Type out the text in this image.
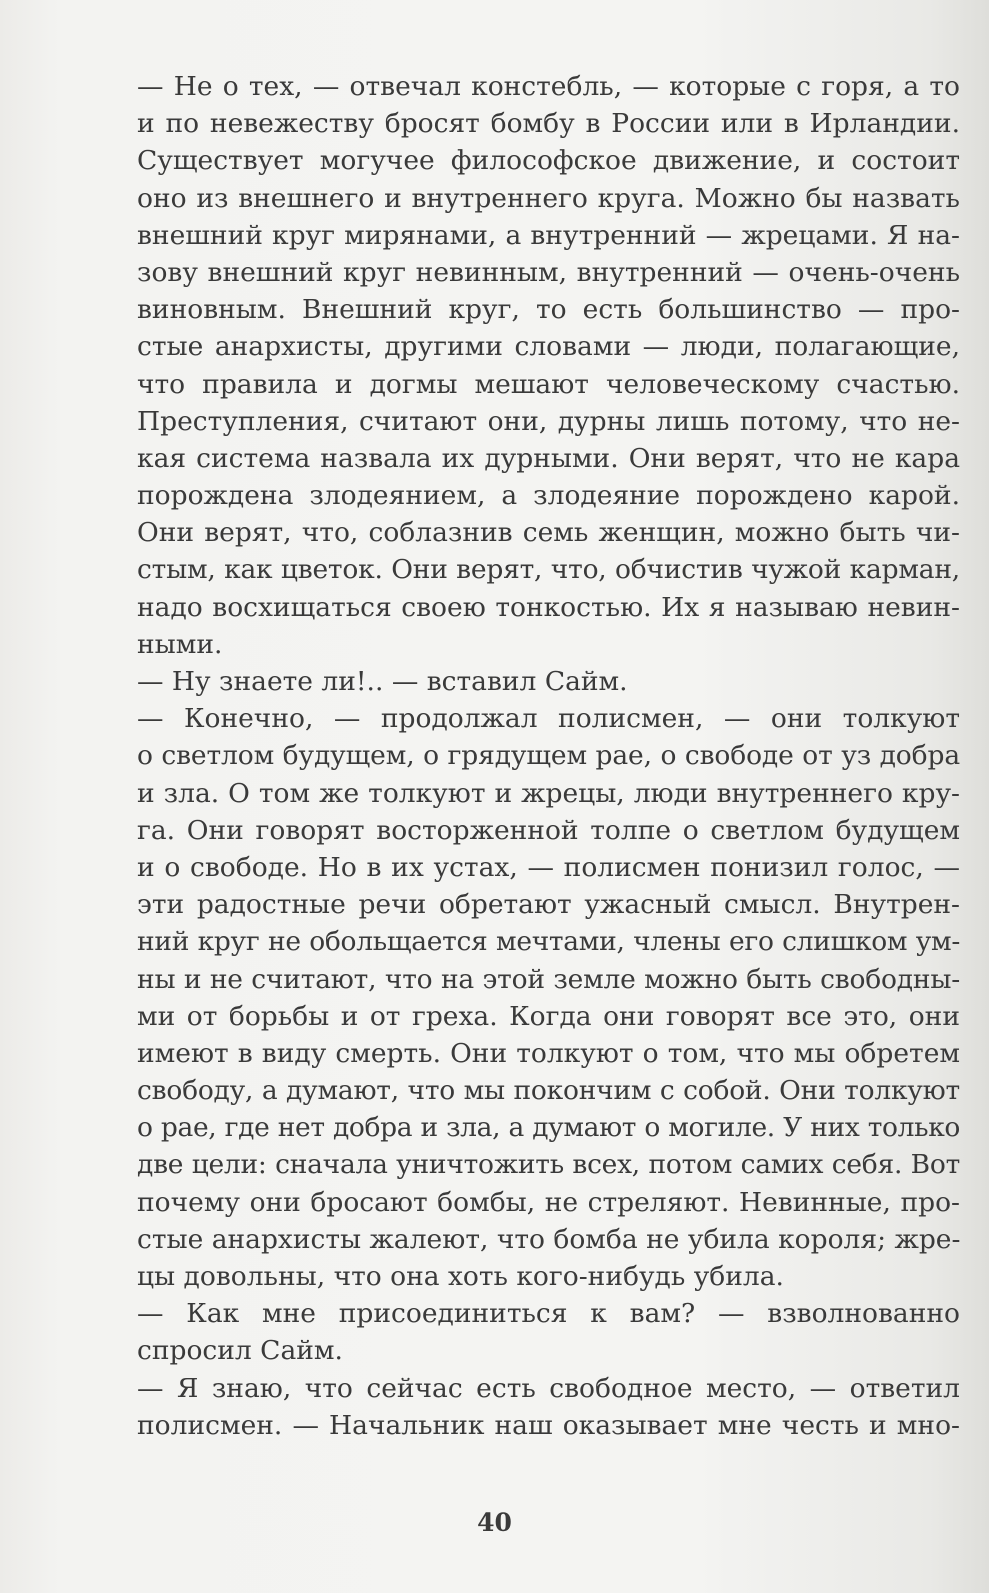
— Не о тех, — отвечал констебль, — которые с горя, а то
и по невежеству бросят бомбу в России или в Ирландии.
Существует могучее философское движение, и состоит
оно из внешнего и внутреннего круга. Можно бы назвать
внешний круг мирянами, а внутренний — жрецами. Я на-
зову внешний круг невинным, внутренний — очень-очень
виновным. Внешний круг, то есть большинство — про-
стые анархисты, другими словами — люди, полагающие,
что правила и догмы мешают человеческому счастью.
Преступления, считают они, дурны лишь потому, что не-
кая система назвала их дурными. Они верят, что не кара
порождена злодеянием, а злодеяние порождено карой.
Они верят, что, соблазнив семь женщин, можно быть чи-
стым, как цветок. Они верят, что, обчистив чужой карман,
надо восхищаться своею тонкостью. Их я называю невин-
ными.
— Ну знаете ли!.. — вставил Сайм.
— Конечно, — продолжал полисмен, — они толкуют
о светлом будущем, о грядущем рае, о свободе от уз добра
и зла. О том же толкуют и жрецы, люди внутреннего кру-
га. Они говорят восторженной толпе о светлом будущем
и о свободе. Но в их устах, — полисмен понизил голос, —
эти радостные речи обретают ужасный смысл. Внутрен-
ний круг не обольщается мечтами, члены его слишком ум-
ны и не считают, что на этой земле можно быть свободны-
ми от борьбы и от греха. Когда они говорят все это, они
имеют в виду смерть. Они толкуют о том, что мы обретем
свободу, а думают, что мы покончим с собой. Они толкуют
о рае, где нет добра и зла, а думают о могиле. У них только
две цели: сначала уничтожить всех, потом самих себя. Вот
почему они бросают бомбы, не стреляют. Невинные, про-
стые анархисты жалеют, что бомба не убила короля; жре-
цы довольны, что она хоть кого-нибудь убила.
— Как мне присоединиться к вам? — взволнованно
спросил Сайм.
— Я знаю, что сейчас есть свободное место, — ответил
полисмен. — Начальник наш оказывает мне честь и мно-
40
